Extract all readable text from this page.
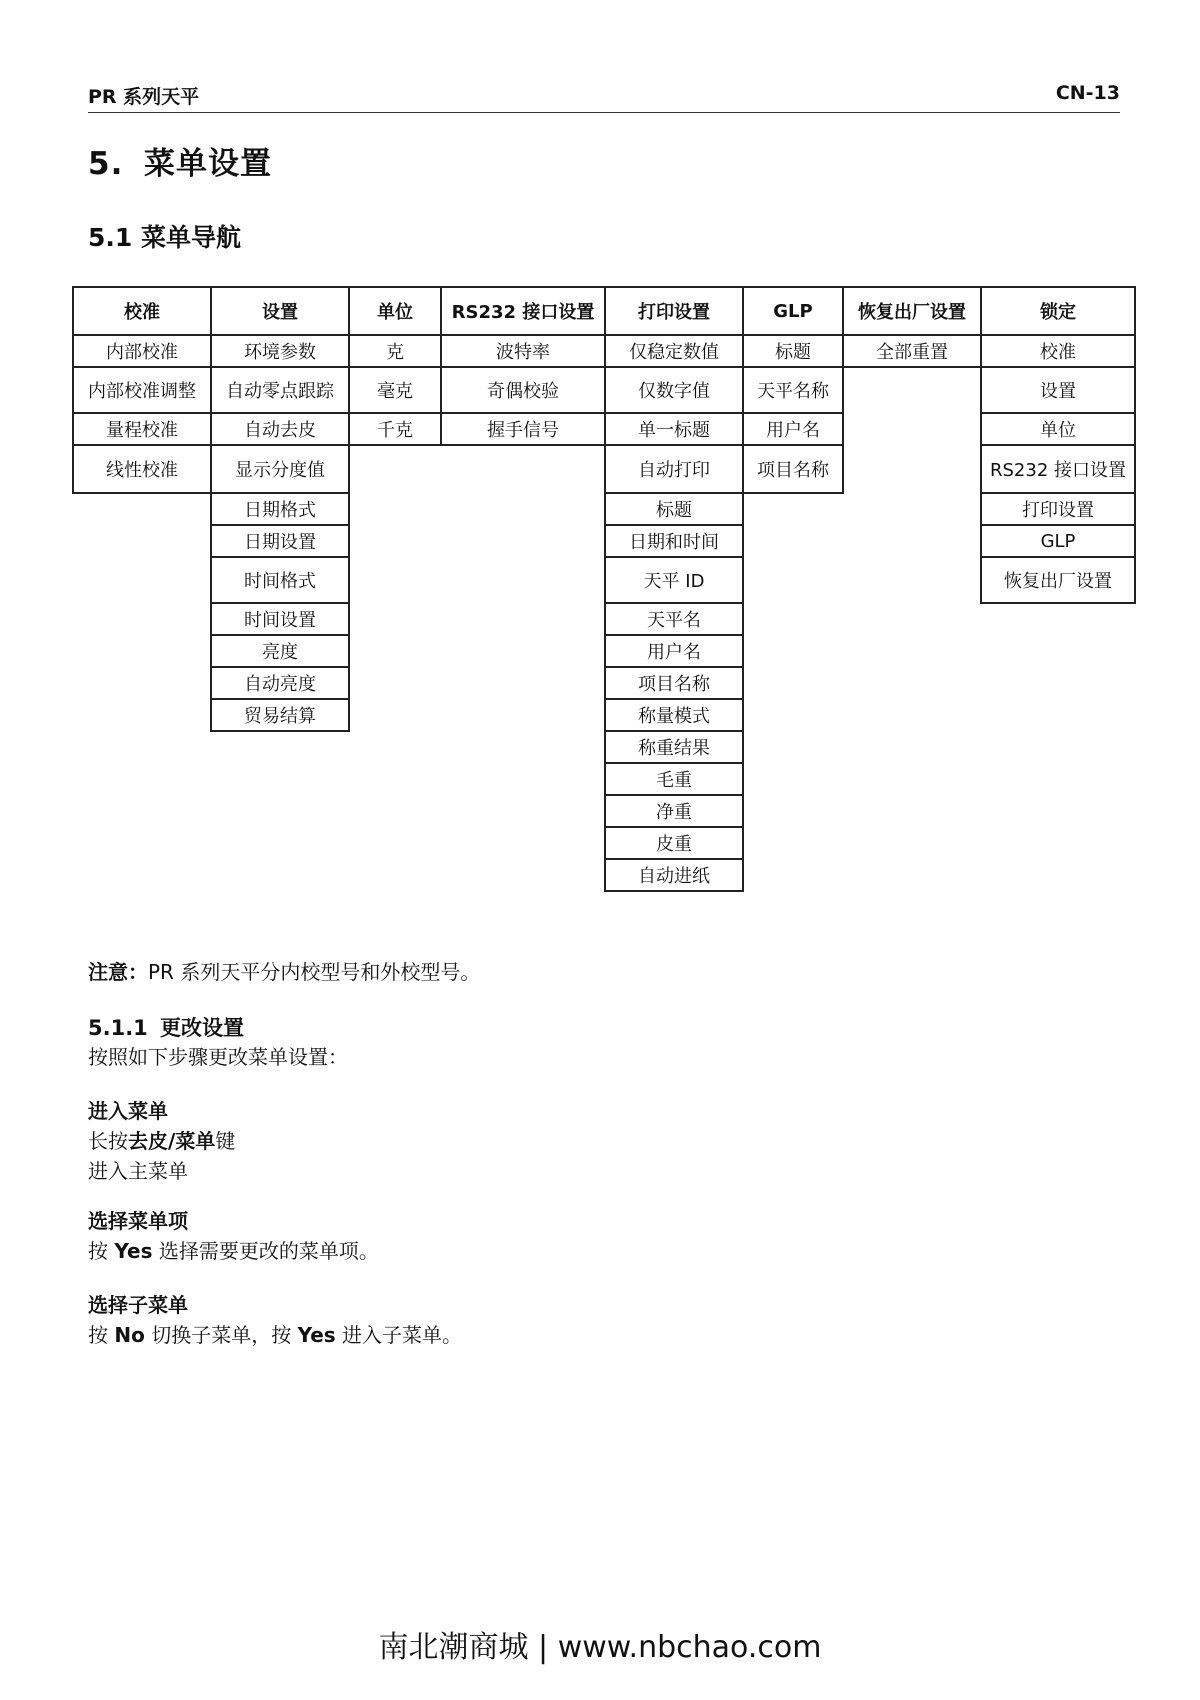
PR 系列天平	CN-13
5. 菜单设置
5.1 菜单导航
校准
内部校准
内部校准调整
量程校准
线性校准
设置
环境参数
自动零点跟踪
自动去皮
显示分度值
日期格式
日期设置
时间格式
时间设置
亮度
自动亮度
贸易结算
单位
克
毫克
千克
RS232 接口设置
波特率
奇偶校验
握手信号
打印设置
仅稳定数值
仅数字值
单一标题
自动打印
标题
日期和时间
天平 ID
天平名
用户名
项目名称
称量模式
称重结果
毛重
净重
皮重
自动进纸
GLP
标题
天平名称
用户名
项目名称
恢复出厂设置
全部重置
锁定
校准
设置
单位
RS232 接口设置
打印设置
GLP
恢复出厂设置
注意：PR 系列天平分内校型号和外校型号。
5.1.1 更改设置
按照如下步骤更改菜单设置：
进入菜单
长按去皮/菜单键
进入主菜单
选择菜单项
按 Yes 选择需要更改的菜单项。
选择子菜单
按 No 切换子菜单，按 Yes 进入子菜单。
南北潮商城 | www.nbchao.com
